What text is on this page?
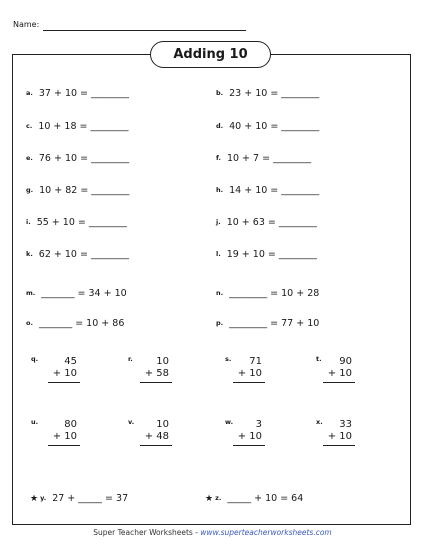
Name:
Adding 10
a. 37 + 10 = ________	b. 23 + 10 = ________
c. 10 + 18 = ________	d. 40 + 10 = ________
e. 76 + 10 = ________	f. 10 + 7 = ________
g. 10 + 82 = ________	h. 14 + 10 = ________
i. 55 + 10 = ________	j. 10 + 63 = ________
k. 62 + 10 = ________	l. 19 + 10 = ________
m. _______ = 34 + 10	n. ________ = 10 + 28
o. _______ = 10 + 86	p. ________ = 77 + 10
q.	45
+ 10
r. 10
+ 58
s. 71
+ 10
t. 90
+ 10
u.	80
+ 10
v. 10
+ 48
w. 3
+ 10
x. 33
+ 10
★ y. 27 + _____ = 37	★ z. _____ + 10 = 64
Super Teacher Worksheets - www.superteacherworksheets.com
